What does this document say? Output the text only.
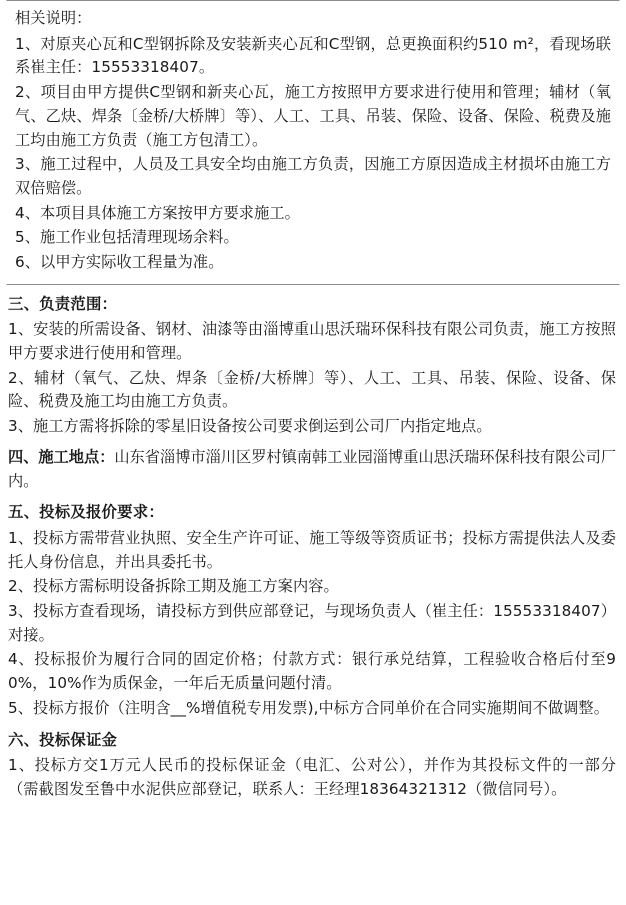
相关说明：
1、对原夹心瓦和C型钢拆除及安装新夹心瓦和C型钢，总更换面积约510 m²，看现场联系崔主任：15553318407。
2、项目由甲方提供C型钢和新夹心瓦，施工方按照甲方要求进行使用和管理；辅材（氧气、乙炔、焊条〔金桥/大桥牌〕等）、人工、工具、吊装、保险、设备、保险、税费及施工均由施工方负责（施工方包清工）。
3、施工过程中，人员及工具安全均由施工方负责，因施工方原因造成主材损坏由施工方双倍赔偿。
4、本项目具体施工方案按甲方要求施工。
5、施工作业包括清理现场余料。
6、以甲方实际收工程量为准。
三、负责范围：
1、安装的所需设备、钢材、油漆等由淄博重山思沃瑞环保科技有限公司负责，施工方按照甲方要求进行使用和管理。
2、辅材（氧气、乙炔、焊条〔金桥/大桥牌〕等）、人工、工具、吊装、保险、设备、保险、税费及施工均由施工方负责。
3、施工方需将拆除的零星旧设备按公司要求倒运到公司厂内指定地点。
四、施工地点：山东省淄博市淄川区罗村镇南韩工业园淄博重山思沃瑞环保科技有限公司厂内。
五、投标及报价要求：
1、投标方需带营业执照、安全生产许可证、施工等级等资质证书；投标方需提供法人及委托人身份信息，并出具委托书。
2、投标方需标明设备拆除工期及施工方案内容。
3、投标方查看现场，请投标方到供应部登记，与现场负责人（崔主任：15553318407）对接。
4、投标报价为履行合同的固定价格；付款方式：银行承兑结算，工程验收合格后付至90%，10%作为质保金，一年后无质量问题付清。
5、投标方报价（注明含__%增值税专用发票),中标方合同单价在合同实施期间不做调整。
六、投标保证金
1、投标方交1万元人民币的投标保证金（电汇、公对公），并作为其投标文件的一部分（需截图发至鲁中水泥供应部登记，联系人：王经理18364321312（微信同号）。
